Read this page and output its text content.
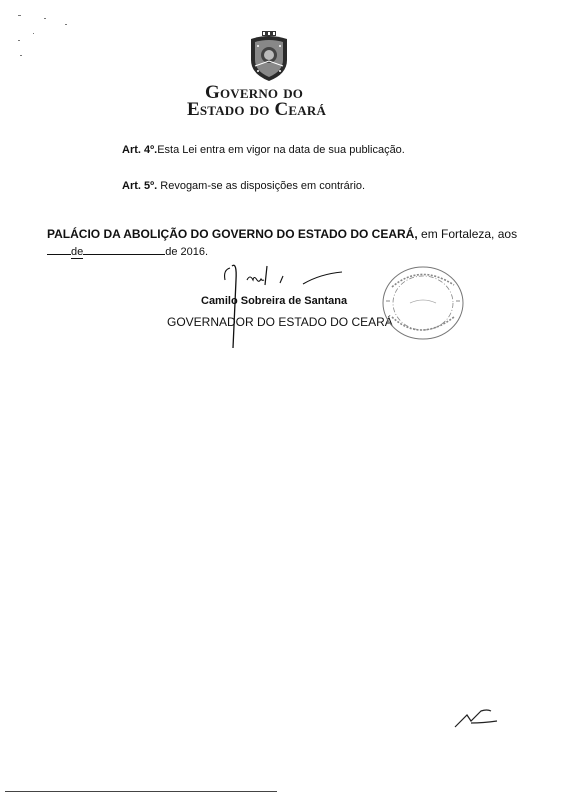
Governo do
Estado do Ceará
Art. 4º.Esta Lei entra em vigor na data de sua publicação.
Art. 5º. Revogam-se as disposições em contrário.
PALÁCIO DA ABOLIÇÃO DO GOVERNO DO ESTADO DO CEARÁ, em Fortaleza, aos
de	de 2016.
Camilo Sobreira de Santana
GOVERNADOR DO ESTADO DO CEARÁ
